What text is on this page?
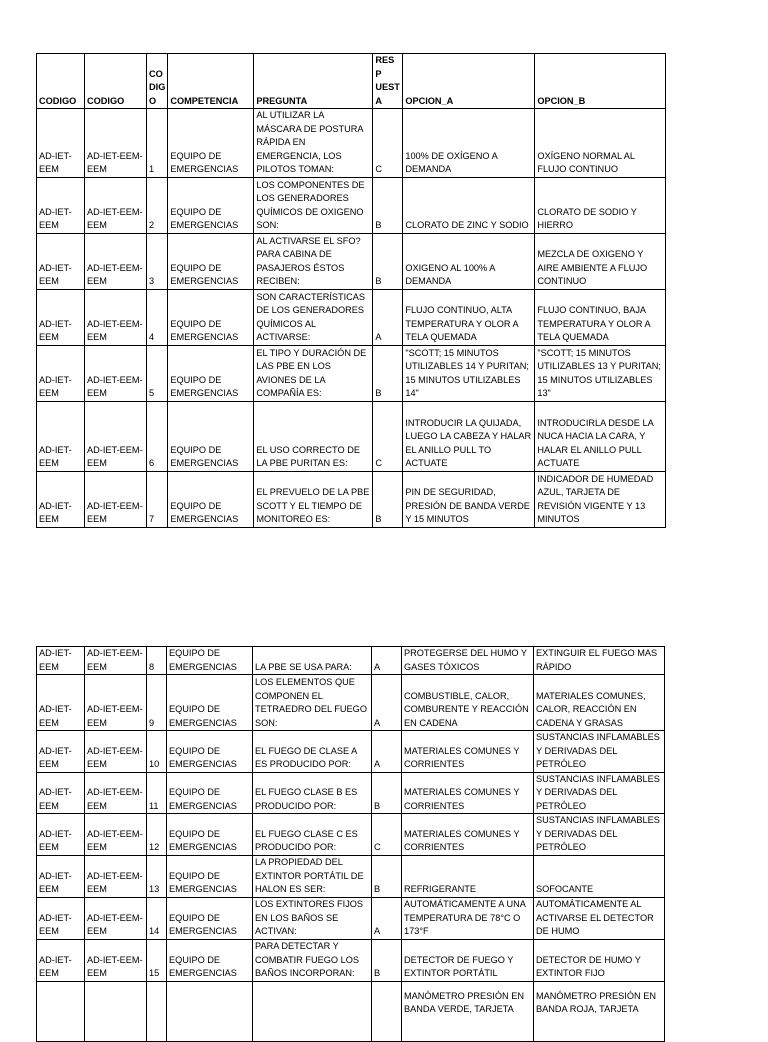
CODIGO	CODIGO	CO DIG O	COMPETENCIA	PREGUNTA	RESP UEST A	OPCION_A	OPCION_B
AD-IET-EEM	AD-IET-EEM-EEM	1	EQUIPO DE EMERGENCIAS	AL UTILIZAR LA MÁSCARA DE POSTURA RÁPIDA EN EMERGENCIA, LOS PILOTOS TOMAN:	C	100% DE OXÍGENO A DEMANDA	OXÍGENO NORMAL AL FLUJO CONTINUO
AD-IET-EEM	AD-IET-EEM-EEM	2	EQUIPO DE EMERGENCIAS	LOS COMPONENTES DE LOS GENERADORES QUÍMICOS DE OXIGENO SON:	B	CLORATO DE ZINC Y SODIO	CLORATO DE SODIO Y HIERRO
AD-IET-EEM	AD-IET-EEM-EEM	3	EQUIPO DE EMERGENCIAS	AL ACTIVARSE EL SFO? PARA CABINA DE PASAJEROS ÉSTOS RECIBEN:	B	OXIGENO AL 100% A DEMANDA	MEZCLA DE OXIGENO Y AIRE AMBIENTE A FLUJO CONTINUO
AD-IET-EEM	AD-IET-EEM-EEM	4	EQUIPO DE EMERGENCIAS	SON CARACTERÍSTICAS DE LOS GENERADORES QUÍMICOS AL ACTIVARSE:	A	FLUJO CONTINUO, ALTA TEMPERATURA Y OLOR A TELA QUEMADA	FLUJO CONTINUO, BAJA TEMPERATURA Y OLOR A TELA QUEMADA
AD-IET-EEM	AD-IET-EEM-EEM	5	EQUIPO DE EMERGENCIAS	EL TIPO Y DURACIÓN DE LAS PBE EN LOS AVIONES DE LA COMPAÑÍA ES:	B	"SCOTT; 15 MINUTOS UTILIZABLES 14 Y PURITAN; 15 MINUTOS UTILIZABLES 14"	"SCOTT; 15 MINUTOS UTILIZABLES 13 Y PURITAN; 15 MINUTOS UTILIZABLES 13"
AD-IET-EEM	AD-IET-EEM-EEM	6	EQUIPO DE EMERGENCIAS	EL USO CORRECTO DE LA PBE PURITAN ES:	C	INTRODUCIR LA QUIJADA, LUEGO LA CABEZA Y HALAR EL ANILLO PULL TO ACTUATE	INTRODUCIRLA DESDE LA NUCA HACIA LA CARA, Y HALAR EL ANILLO PULL ACTUATE
AD-IET-EEM	AD-IET-EEM-EEM	7	EQUIPO DE EMERGENCIAS	EL PREVUELO DE LA PBE SCOTT Y EL TIEMPO DE MONITOREO ES:	B	PIN DE SEGURIDAD, PRESIÓN DE BANDA VERDE Y 15 MINUTOS	INDICADOR DE HUMEDAD AZUL, TARJETA DE REVISIÓN VIGENTE Y 13 MINUTOS
AD-IET-EEM	AD-IET-EEM-EEM	8	EQUIPO DE EMERGENCIAS	LA PBE SE USA PARA:	A	PROTEGERSE DEL HUMO Y GASES TÓXICOS	EXTINGUIR EL FUEGO MAS RÁPIDO
AD-IET-EEM	AD-IET-EEM-EEM	9	EQUIPO DE EMERGENCIAS	LOS ELEMENTOS QUE COMPONEN EL TETRAEDRO DEL FUEGO SON:	A	COMBUSTIBLE, CALOR, COMBURENTE Y REACCIÓN EN CADENA	MATERIALES COMUNES, CALOR, REACCIÓN EN CADENA Y GRASAS
AD-IET-EEM	AD-IET-EEM-EEM	10	EQUIPO DE EMERGENCIAS	EL FUEGO DE CLASE A ES PRODUCIDO POR:	A	MATERIALES COMUNES Y CORRIENTES	SUSTANCIAS INFLAMABLES Y DERIVADAS DEL PETRÓLEO
AD-IET-EEM	AD-IET-EEM-EEM	11	EQUIPO DE EMERGENCIAS	EL FUEGO CLASE B ES PRODUCIDO POR:	B	MATERIALES COMUNES Y CORRIENTES	SUSTANCIAS INFLAMABLES Y DERIVADAS DEL PETRÓLEO
AD-IET-EEM	AD-IET-EEM-EEM	12	EQUIPO DE EMERGENCIAS	EL FUEGO CLASE C ES PRODUCIDO POR:	C	MATERIALES COMUNES Y CORRIENTES	SUSTANCIAS INFLAMABLES Y DERIVADAS DEL PETRÓLEO
AD-IET-EEM	AD-IET-EEM-EEM	13	EQUIPO DE EMERGENCIAS	LA PROPIEDAD DEL EXTINTOR PORTÁTIL DE HALON ES SER:	B	REFRIGERANTE	SOFOCANTE
AD-IET-EEM	AD-IET-EEM-EEM	14	EQUIPO DE EMERGENCIAS	LOS EXTINTORES FIJOS EN LOS BAÑOS SE ACTIVAN:	A	AUTOMÁTICAMENTE A UNA TEMPERATURA DE 78°C O 173°F	AUTOMÁTICAMENTE AL ACTIVARSE EL DETECTOR DE HUMO
AD-IET-EEM	AD-IET-EEM-EEM	15	EQUIPO DE EMERGENCIAS	PARA DETECTAR Y COMBATIR FUEGO LOS BAÑOS INCORPORAN:	B	DETECTOR DE FUEGO Y EXTINTOR PORTÁTIL	DETECTOR DE HUMO Y EXTINTOR FIJO
						MANÓMETRO PRESIÓN EN BANDA VERDE, TARJETA	MANÓMETRO PRESIÓN EN BANDA ROJA, TARJETA
